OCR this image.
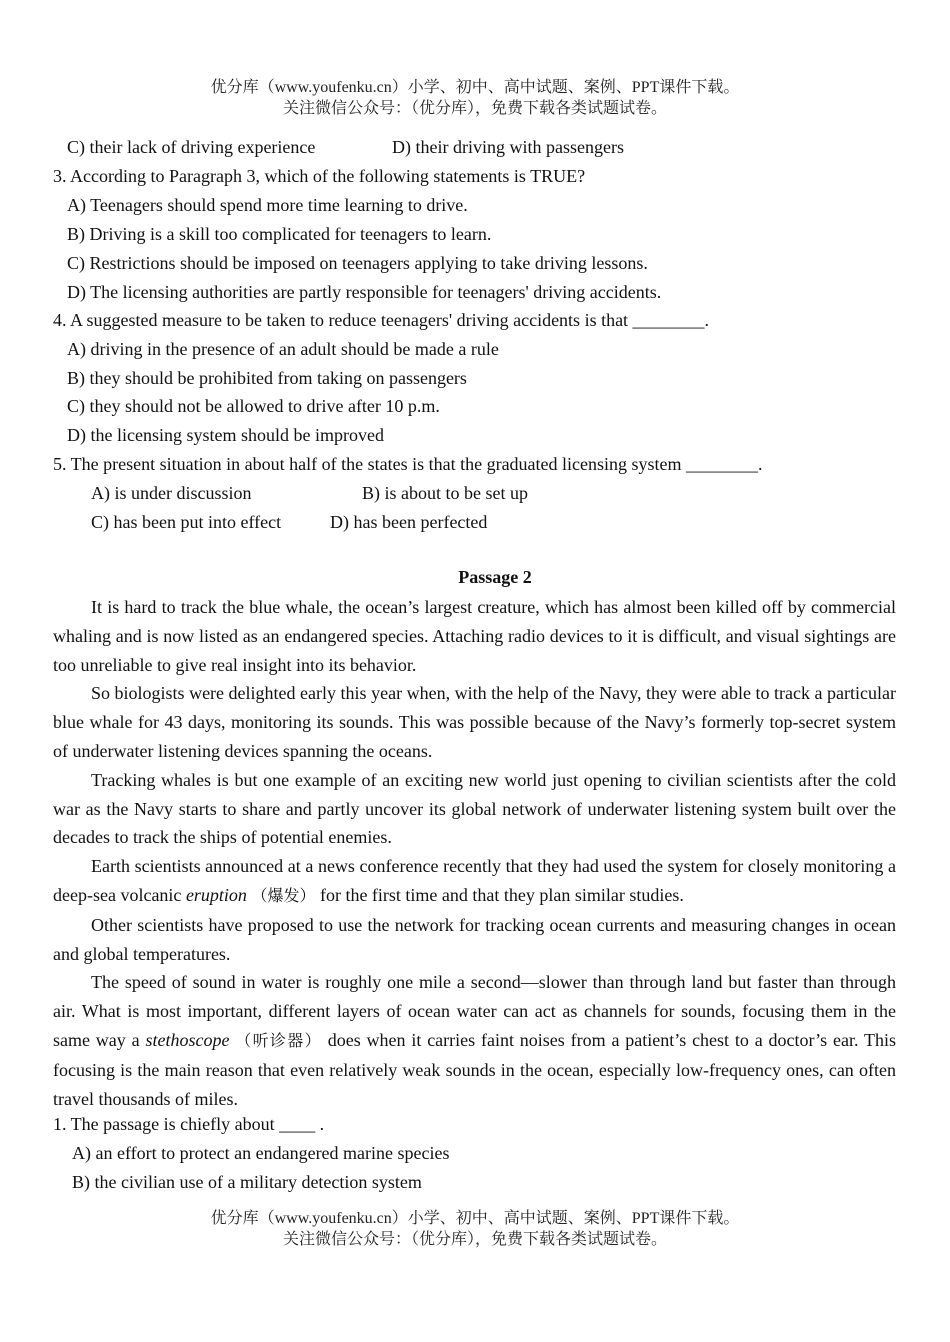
优分库（www.youfenku.cn）小学、初中、高中试题、案例、PPT课件下载。
关注微信公众号：（优分库），免费下载各类试题试卷。
C) their lack of driving experience	D) their driving with passengers
3. According to Paragraph 3, which of the following statements is TRUE?
A) Teenagers should spend more time learning to drive.
B) Driving is a skill too complicated for teenagers to learn.
C) Restrictions should be imposed on teenagers applying to take driving lessons.
D) The licensing authorities are partly responsible for teenagers' driving accidents.
4. A suggested measure to be taken to reduce teenagers' driving accidents is that ________.
A) driving in the presence of an adult should be made a rule
B) they should be prohibited from taking on passengers
C) they should not be allowed to drive after 10 p.m.
D) the licensing system should be improved
5. The present situation in about half of the states is that the graduated licensing system ________.
A) is under discussion	B) is about to be set up
C) has been put into effect	D) has been perfected
Passage 2

It is hard to track the blue whale, the ocean’s largest creature, which has almost been killed off by commercial whaling and is now listed as an endangered species. Attaching radio devices to it is difficult, and visual sightings are too unreliable to give real insight into its behavior.

So biologists were delighted early this year when, with the help of the Navy, they were able to track a particular blue whale for 43 days, monitoring its sounds. This was possible because of the Navy’s formerly top-secret system of underwater listening devices spanning the oceans.

Tracking whales is but one example of an exciting new world just opening to civilian scientists after the cold war as the Navy starts to share and partly uncover its global network of underwater listening system built over the decades to track the ships of potential enemies.

Earth scientists announced at a news conference recently that they had used the system for closely monitoring a deep-sea volcanic eruption （爆发） for the first time and that they plan similar studies.

Other scientists have proposed to use the network for tracking ocean currents and measuring changes in ocean and global temperatures.

The speed of sound in water is roughly one mile a second—slower than through land but faster than through air. What is most important, different layers of ocean water can act as channels for sounds, focusing them in the same way a stethoscope （听诊器） does when it carries faint noises from a patient’s chest to a doctor’s ear. This focusing is the main reason that even relatively weak sounds in the ocean, especially low-frequency ones, can often travel thousands of miles.

1. The passage is chiefly about ____ .
A) an effort to protect an endangered marine species
B) the civilian use of a military detection system
优分库（www.youfenku.cn）小学、初中、高中试题、案例、PPT课件下载。
关注微信公众号：（优分库），免费下载各类试题试卷。
